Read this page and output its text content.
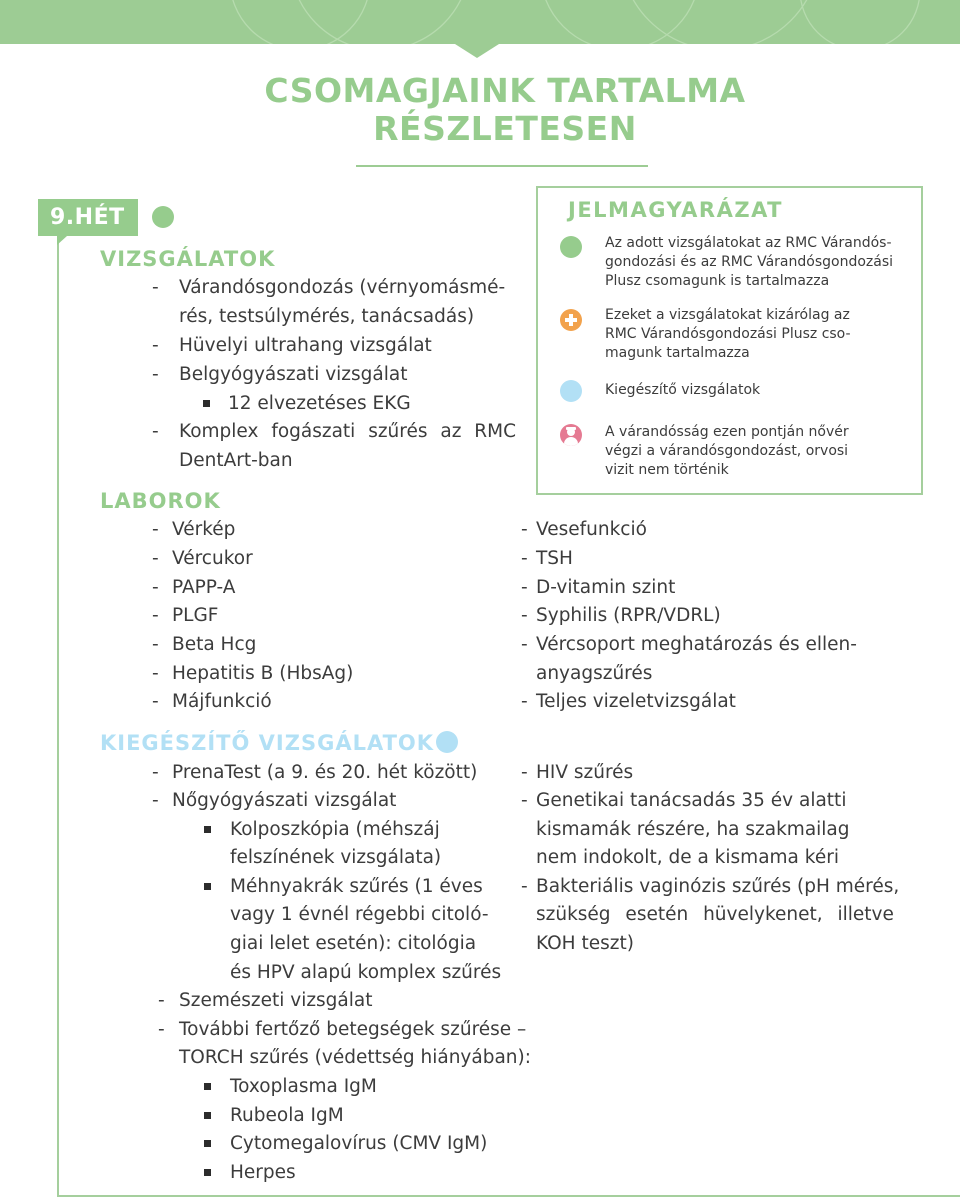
CSOMAGJAINK TARTALMA
RÉSZLETESEN
9.HÉT	JELMAGYARÁZAT
Az adott vizsgálatokat az RMC Várandós-
gondozási és az RMC Várandósgondozási
Plusz csomagunk is tartalmazza
Ezeket a vizsgálatokat kizárólag az
RMC Várandósgondozási Plusz cso-
magunk tartalmazza
Kiegészítő vizsgálatok
A várandósság ezen pontján nővér
végzi a várandósgondozást, orvosi
vizit nem történik
VIZSGÁLATOK
- Várandósgondozás (vérnyomásmé-
rés, testsúlymérés, tanácsadás)
- Hüvelyi ultrahang vizsgálat
- Belgyógyászati vizsgálat
12 elvezetéses EKG
- Komplex fogászati szűrés az RMC
DentArt-ban
LABOROK
- Vérkép
- Vércukor
- PAPP-A
- PLGF
- Beta Hcg
- Hepatitis B (HbsAg)
- Májfunkció
- Vesefunkció
- TSH
- D-vitamin szint
- Syphilis (RPR/VDRL)
- Vércsoport meghatározás és ellen-
anyagszűrés
- Teljes vizeletvizsgálat
KIEGÉSZÍTŐ VIZSGÁLATOK
- PrenaTest (a 9. és 20. hét között)
- Nőgyógyászati vizsgálat
Kolposzkópia (méhszáj
felszínének vizsgálata)
Méhnyakrák szűrés (1 éves
vagy 1 évnél régebbi citoló-
giai lelet esetén): citológia
és HPV alapú komplex szűrés
- Szemészeti vizsgálat
- További fertőző betegségek szűrése –
TORCH szűrés (védettség hiányában):
Toxoplasma IgM
Rubeola IgM
Cytomegalovírus (CMV IgM)
Herpes
- HIV szűrés
- Genetikai tanácsadás 35 év alatti
kismamák részére, ha szakmailag
nem indokolt, de a kismama kéri
- Bakteriális vaginózis szűrés (pH mérés,
szükség esetén hüvelykenet, illetve
KOH teszt)
